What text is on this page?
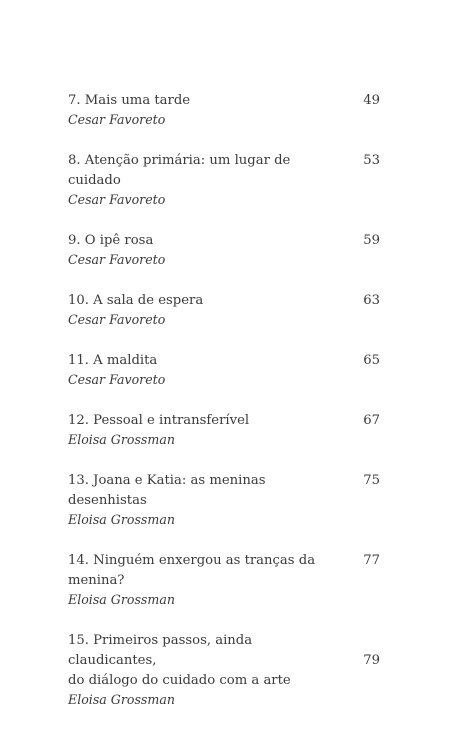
7. Mais uma tarde
Cesar Favoreto
49
8. Atenção primária: um lugar de cuidado
Cesar Favoreto
53
9. O ipê rosa
Cesar Favoreto
59
10. A sala de espera
Cesar Favoreto
63
11. A maldita
Cesar Favoreto
65
12. Pessoal e intransferível
Eloisa Grossman
67
13. Joana e Katia: as meninas desenhistas
Eloisa Grossman
75
14. Ninguém enxergou as tranças da menina?
Eloisa Grossman
77
15. Primeiros passos, ainda claudicantes,
do diálogo do cuidado com a arte
Eloisa Grossman
79
